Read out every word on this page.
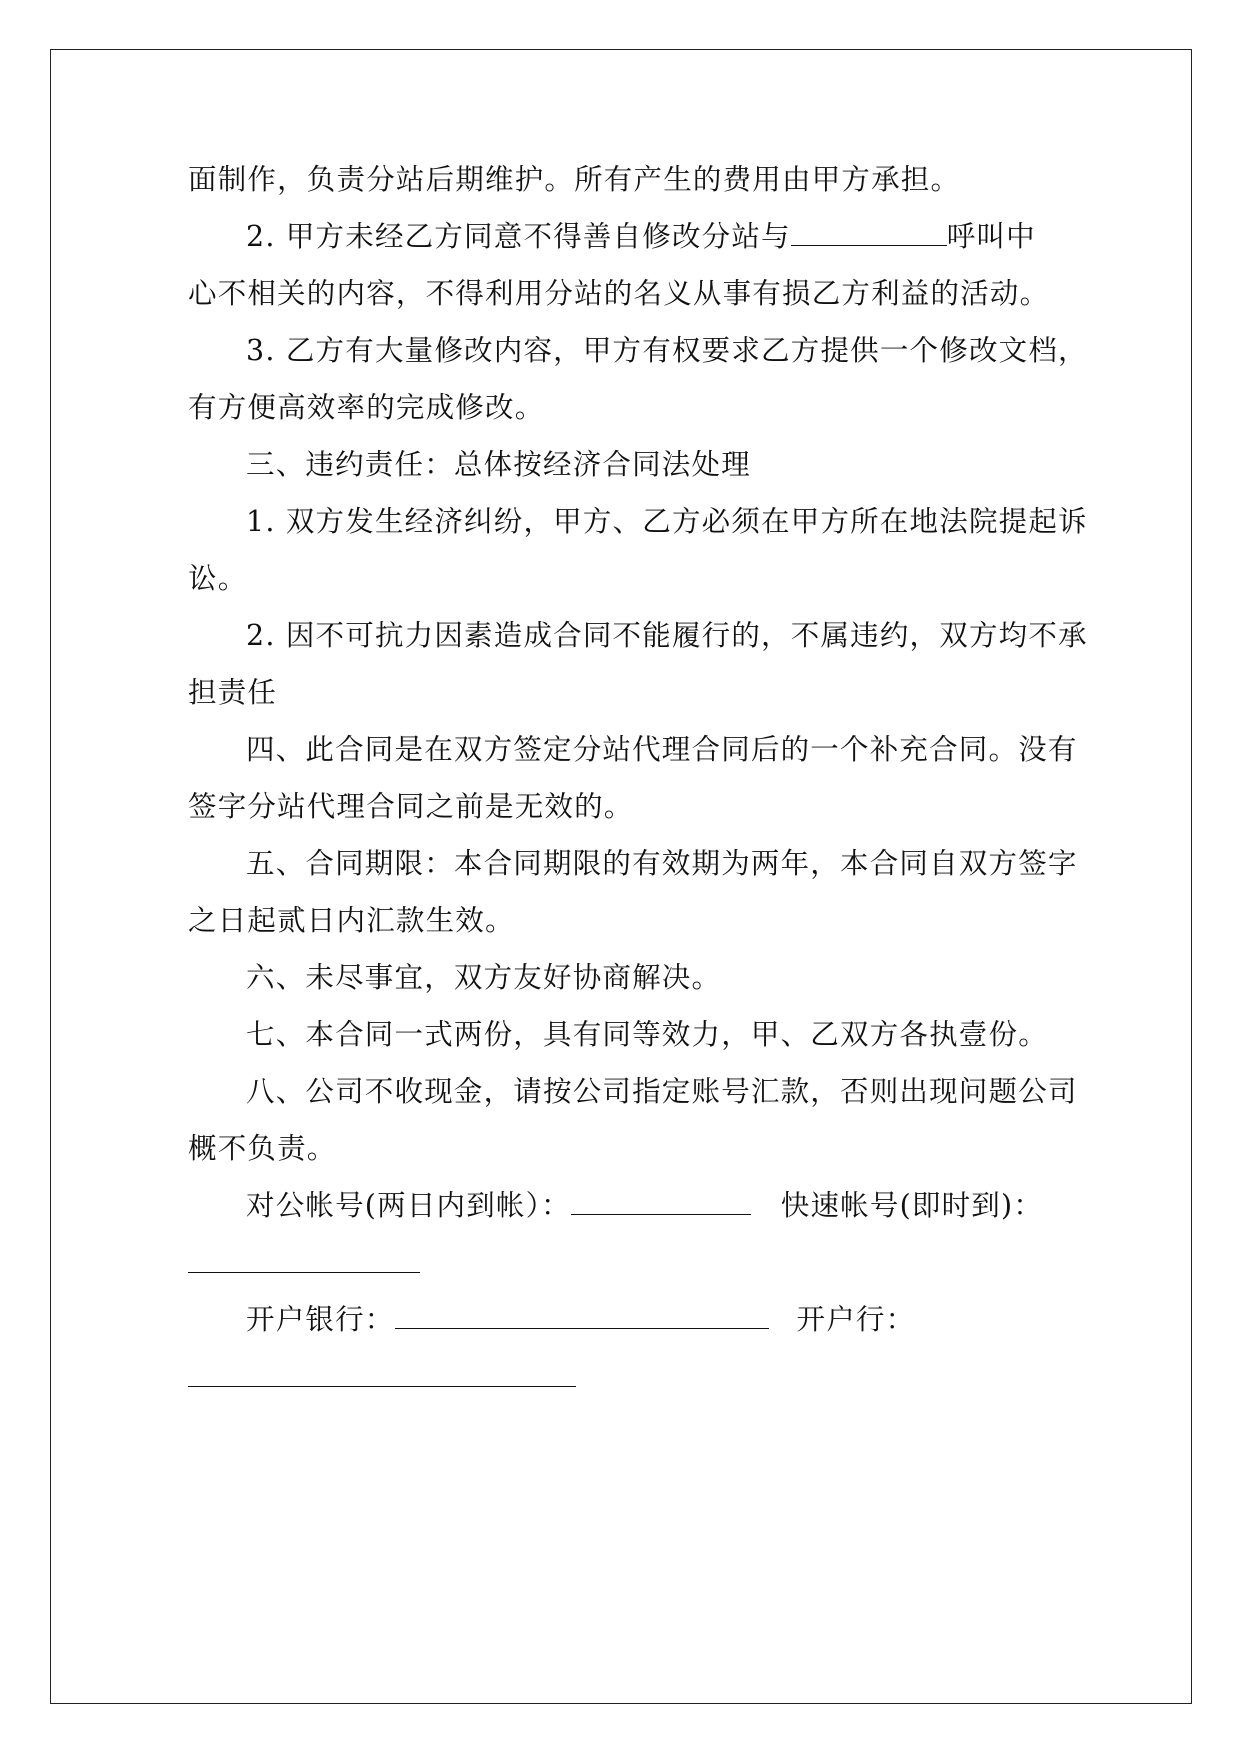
面制作，负责分站后期维护。所有产生的费用由甲方承担。
2. 甲方未经乙方同意不得善自修改分站与	呼叫中
心不相关的内容，不得利用分站的名义从事有损乙方利益的活动。
3. 乙方有大量修改内容，甲方有权要求乙方提供一个修改文档，
有方便高效率的完成修改。
三、违约责任：总体按经济合同法处理
1. 双方发生经济纠纷，甲方、乙方必须在甲方所在地法院提起诉
讼。
2. 因不可抗力因素造成合同不能履行的，不属违约，双方均不承
担责任
四、此合同是在双方签定分站代理合同后的一个补充合同。没有
签字分站代理合同之前是无效的。
五、合同期限：本合同期限的有效期为两年，本合同自双方签字
之日起贰日内汇款生效。
六、未尽事宜，双方友好协商解决。
七、本合同一式两份，具有同等效力，甲、乙双方各执壹份。
八、公司不收现金，请按公司指定账号汇款，否则出现问题公司
概不负责。
对公帐号(两日内到帐）：	快速帐号(即时到)：
开户银行：	开户行：
